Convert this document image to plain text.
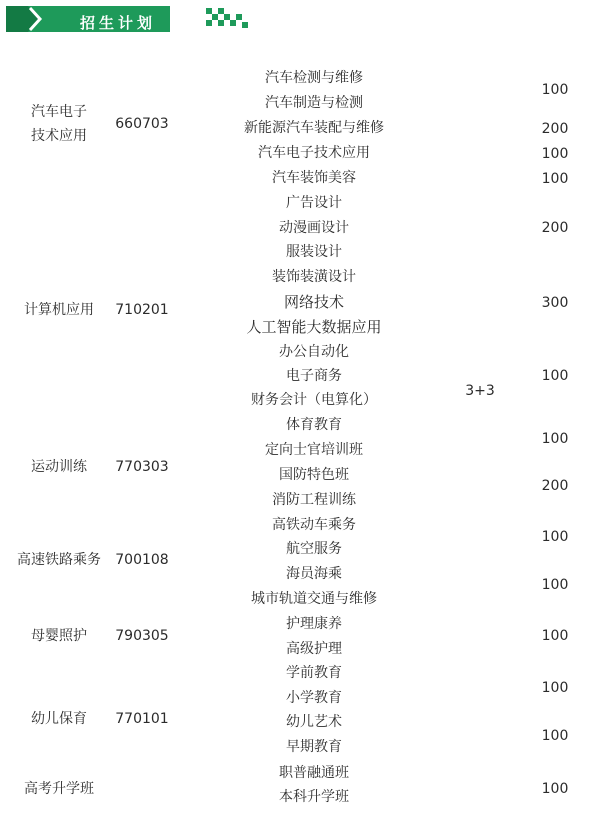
招生计划
汽车电子
技术应用
计算机应用
运动训练
高速铁路乘务
母婴照护
幼儿保育
高考升学班
660703
710201
770303
700108
790305
770101
汽车检测与维修
汽车制造与检测
新能源汽车装配与维修
汽车电子技术应用
汽车装饰美容
广告设计
动漫画设计
服装设计
装饰装潢设计
网络技术
人工智能大数据应用
办公自动化
电子商务
财务会计（电算化）
体育教育
定向士官培训班
国防特色班
消防工程训练
高铁动车乘务
航空服务
海员海乘
城市轨道交通与维修
护理康养
高级护理
学前教育
小学教育
幼儿艺术
早期教育
职普融通班
本科升学班
3+3
100
200
100
100
200
300
100
100
200
100
100
100
100
100
100
